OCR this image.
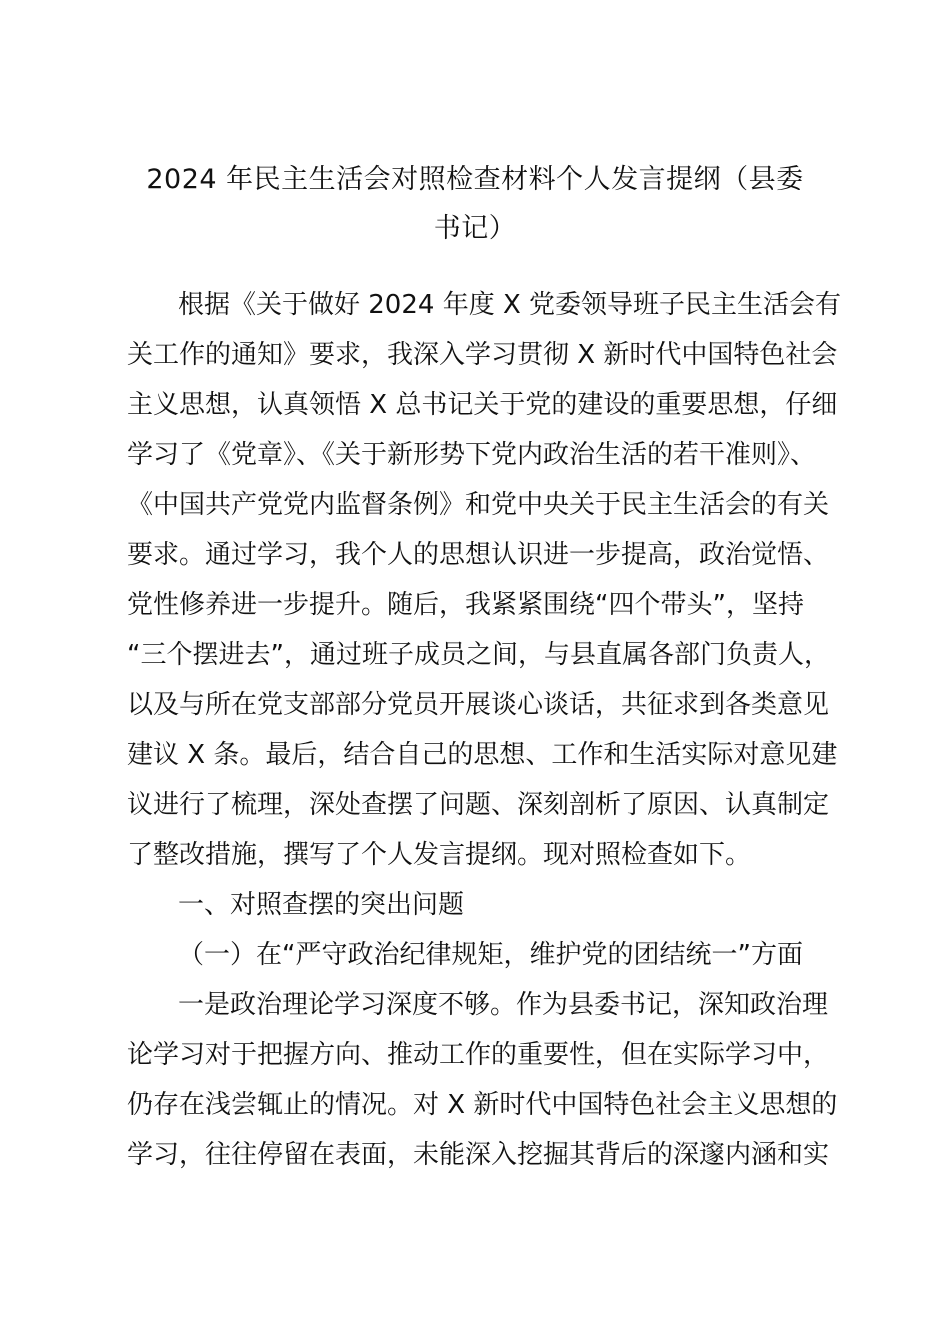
2024 年民主生活会对照检查材料个人发言提纲（县委
书记）
根据《关于做好 2024 年度 X 党委领导班子民主生活会有
关工作的通知》要求，我深入学习贯彻 X 新时代中国特色社会
主义思想，认真领悟 X 总书记关于党的建设的重要思想，仔细
学习了《党章》、《关于新形势下党内政治生活的若干准则》、
《中国共产党党内监督条例》和党中央关于民主生活会的有关
要求。通过学习，我个人的思想认识进一步提高，政治觉悟、
党性修养进一步提升。随后，我紧紧围绕“四个带头”，坚持
“三个摆进去”，通过班子成员之间，与县直属各部门负责人，
以及与所在党支部部分党员开展谈心谈话，共征求到各类意见
建议 X 条。最后，结合自己的思想、工作和生活实际对意见建
议进行了梳理，深处查摆了问题、深刻剖析了原因、认真制定
了整改措施，撰写了个人发言提纲。现对照检查如下。
一、对照查摆的突出问题
（一）在“严守政治纪律规矩，维护党的团结统一”方面
一是政治理论学习深度不够。作为县委书记，深知政治理
论学习对于把握方向、推动工作的重要性，但在实际学习中，
仍存在浅尝辄止的情况。对 X 新时代中国特色社会主义思想的
学习，往往停留在表面，未能深入挖掘其背后的深邃内涵和实
